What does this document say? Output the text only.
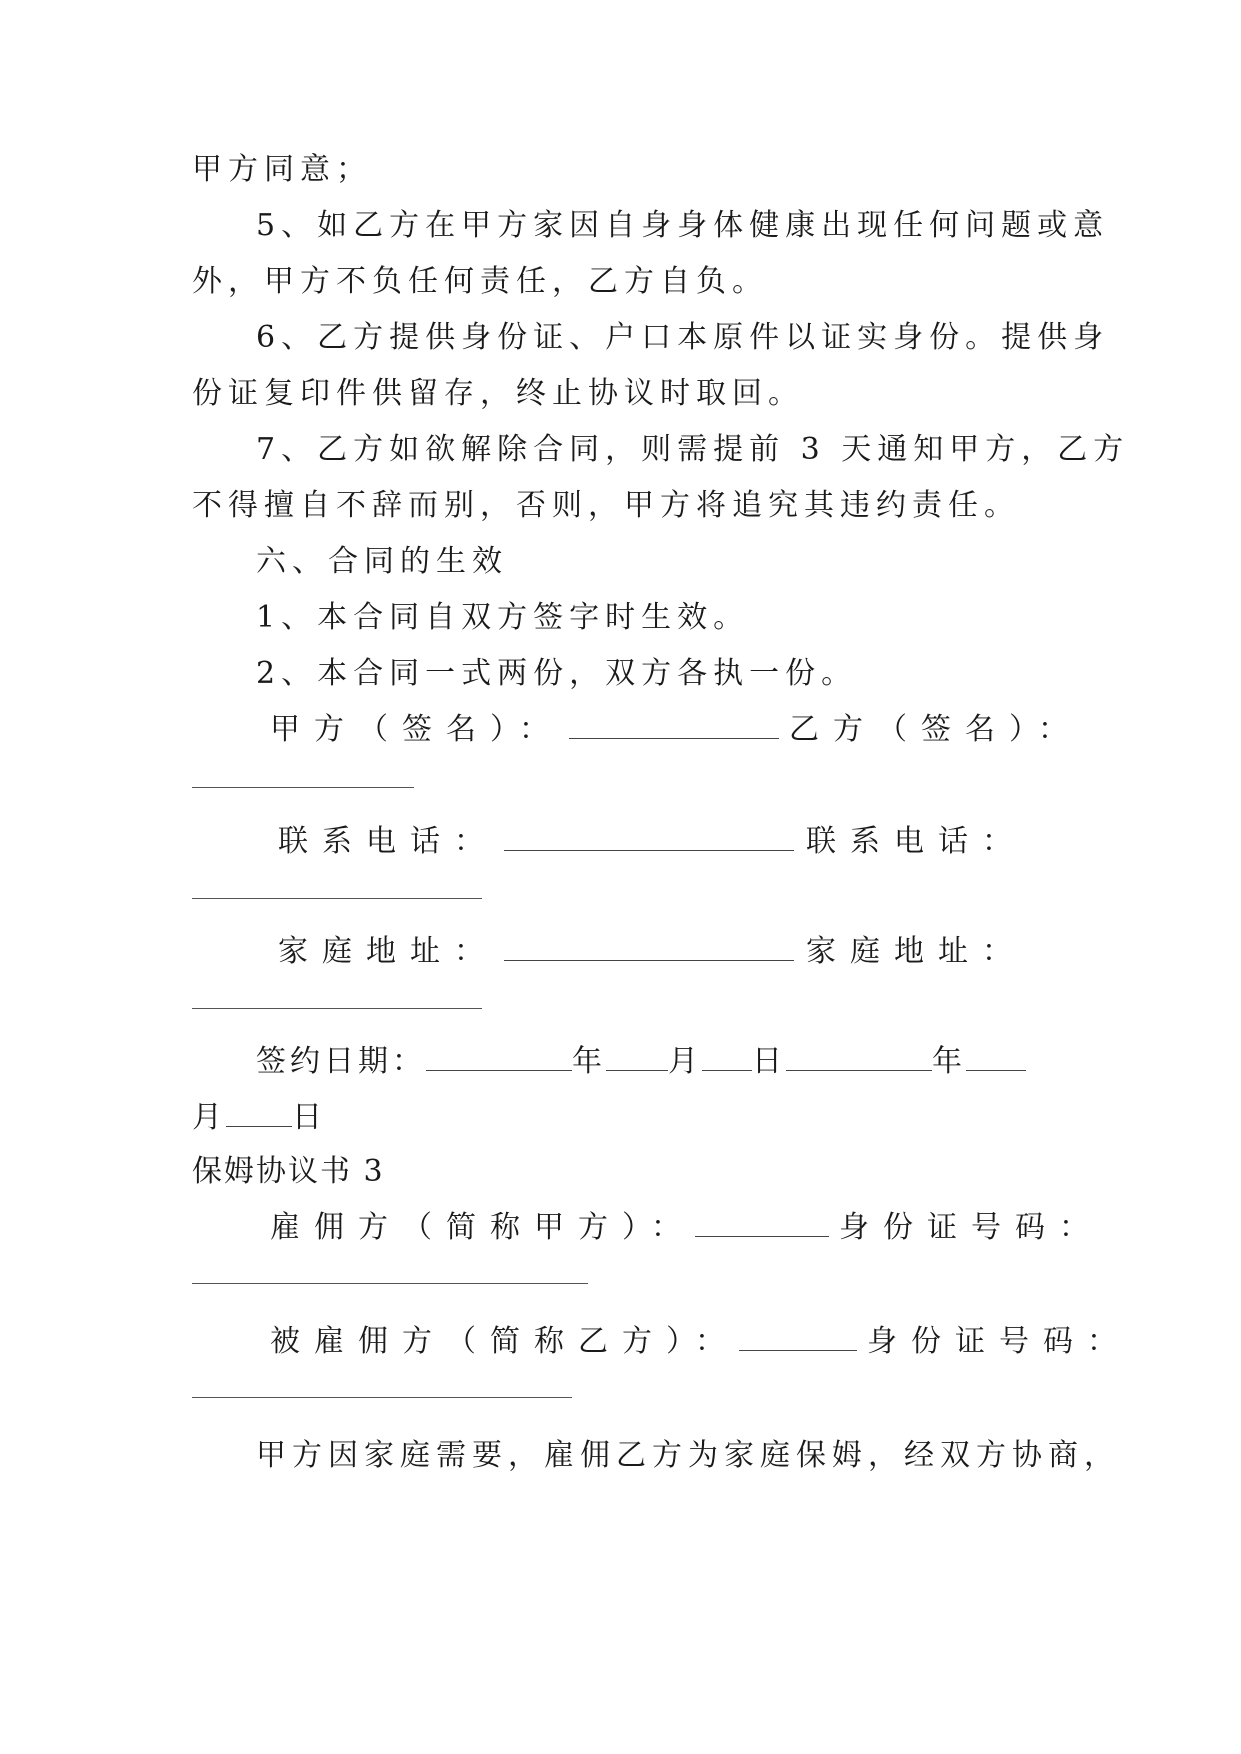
甲方同意；
5、如乙方在甲方家因自身身体健康出现任何问题或意
外，甲方不负任何责任，乙方自负。
6、乙方提供身份证、户口本原件以证实身份。提供身
份证复印件供留存，终止协议时取回。
7、乙方如欲解除合同，则需提前 3 天通知甲方，乙方
不得擅自不辞而别，否则，甲方将追究其违约责任。
六、合同的生效
1、本合同自双方签字时生效。
2、本合同一式两份，双方各执一份。
甲方（签名）：	乙方（签名）：
联系电话：	联系电话：
家庭地址：	家庭地址：
签约日期：	年 月 日	年
月 日
保姆协议书 3
雇佣方（简称甲方）：	身份证号码：
被雇佣方（简称乙方）：	身份证号码：
甲方因家庭需要，雇佣乙方为家庭保姆，经双方协商，
